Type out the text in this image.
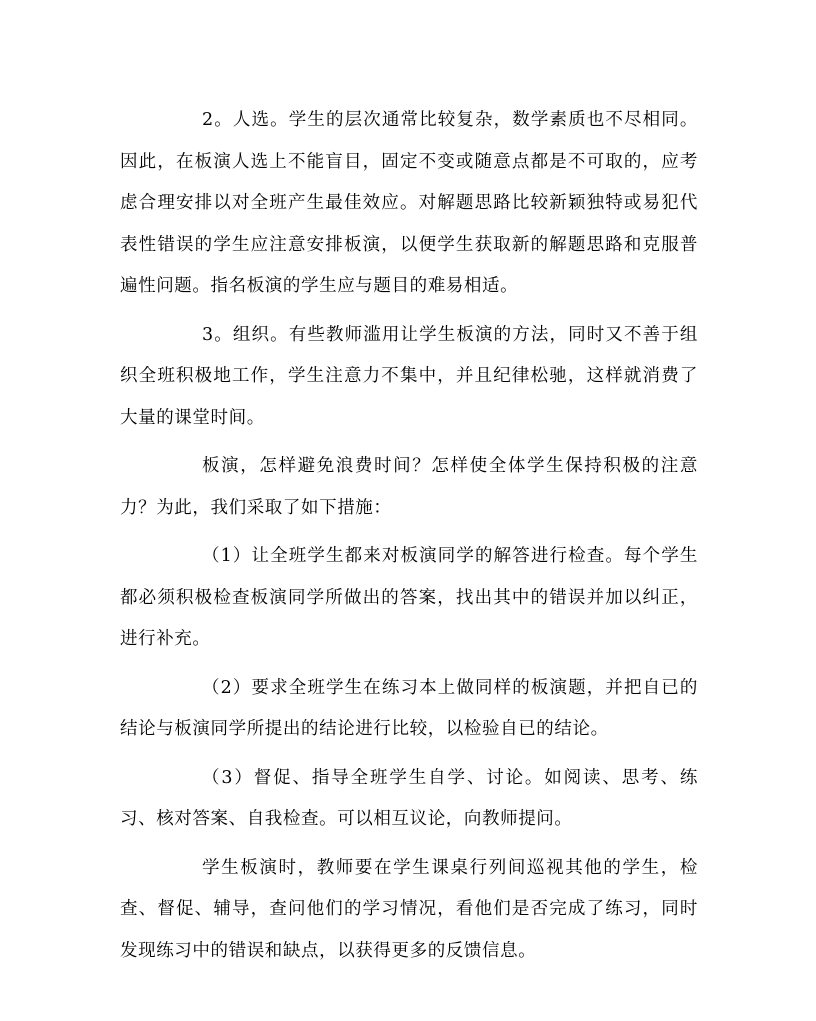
2。人选。学生的层次通常比较复杂，数学素质也不尽相同。因此，在板演人选上不能盲目，固定不变或随意点都是不可取的，应考虑合理安排以对全班产生最佳效应。对解题思路比较新颖独特或易犯代表性错误的学生应注意安排板演，以便学生获取新的解题思路和克服普遍性问题。指名板演的学生应与题目的难易相适。

3。组织。有些教师滥用让学生板演的方法，同时又不善于组织全班积极地工作，学生注意力不集中，并且纪律松驰，这样就消费了大量的课堂时间。

板演，怎样避免浪费时间？怎样使全体学生保持积极的注意力？为此，我们采取了如下措施：

（1）让全班学生都来对板演同学的解答进行检查。每个学生都必须积极检查板演同学所做出的答案，找出其中的错误并加以纠正，进行补充。

（2）要求全班学生在练习本上做同样的板演题，并把自已的结论与板演同学所提出的结论进行比较，以检验自已的结论。

（3）督促、指导全班学生自学、讨论。如阅读、思考、练习、核对答案、自我检查。可以相互议论，向教师提问。

学生板演时，教师要在学生课桌行列间巡视其他的学生，检查、督促、辅导，查问他们的学习情况，看他们是否完成了练习，同时发现练习中的错误和缺点，以获得更多的反馈信息。
